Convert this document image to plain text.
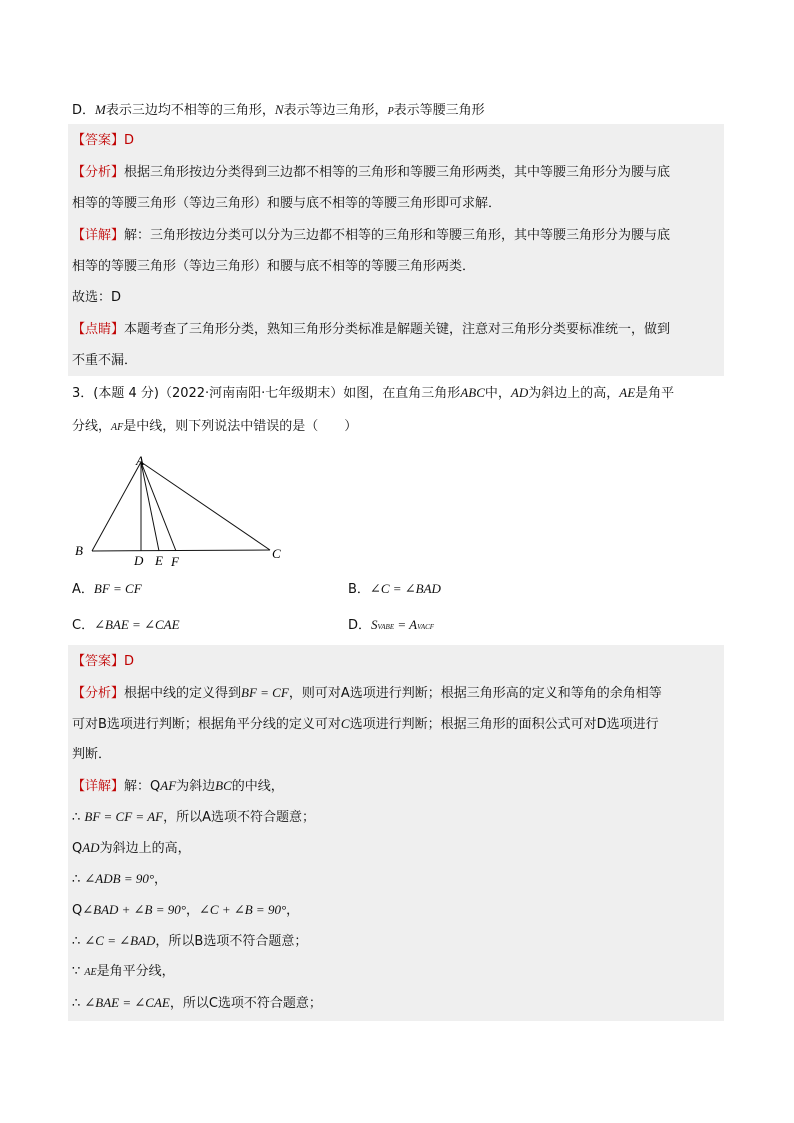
D．M表示三边均不相等的三角形，N表示等边三角形，P表示等腰三角形
【答案】D
【分析】根据三角形按边分类得到三边都不相等的三角形和等腰三角形两类，其中等腰三角形分为腰与底
相等的等腰三角形（等边三角形）和腰与底不相等的等腰三角形即可求解．
【详解】解：三角形按边分类可以分为三边都不相等的三角形和等腰三角形，其中等腰三角形分为腰与底
相等的等腰三角形（等边三角形）和腰与底不相等的等腰三角形两类．
故选：D
【点睛】本题考查了三角形分类，熟知三角形分类标准是解题关键，注意对三角形分类要标准统一，做到
不重不漏．
3．(本题 4 分)（2022·河南南阳·七年级期末）如图，在直角三角形ABC中，AD为斜边上的高，AE是角平
分线，AF是中线，则下列说法中错误的是（　　）
A
B	C
D E F
A．BF = CF	B．∠C = ∠BAD
C．∠BAE = ∠CAE	D．SVABE = AVACF
【答案】D
【分析】根据中线的定义得到BF = CF，则可对A选项进行判断；根据三角形高的定义和等角的余角相等
可对B选项进行判断；根据角平分线的定义可对C选项进行判断；根据三角形的面积公式可对D选项进行
判断．
【详解】解：QAF为斜边BC的中线，
∴ BF = CF = AF，所以A选项不符合题意；
QAD为斜边上的高，
∴ ∠ADB = 90°，
Q∠BAD + ∠B = 90°，∠C + ∠B = 90°，
∴ ∠C = ∠BAD，所以B选项不符合题意；
∵ AE是角平分线，
∴ ∠BAE = ∠CAE，所以C选项不符合题意；
